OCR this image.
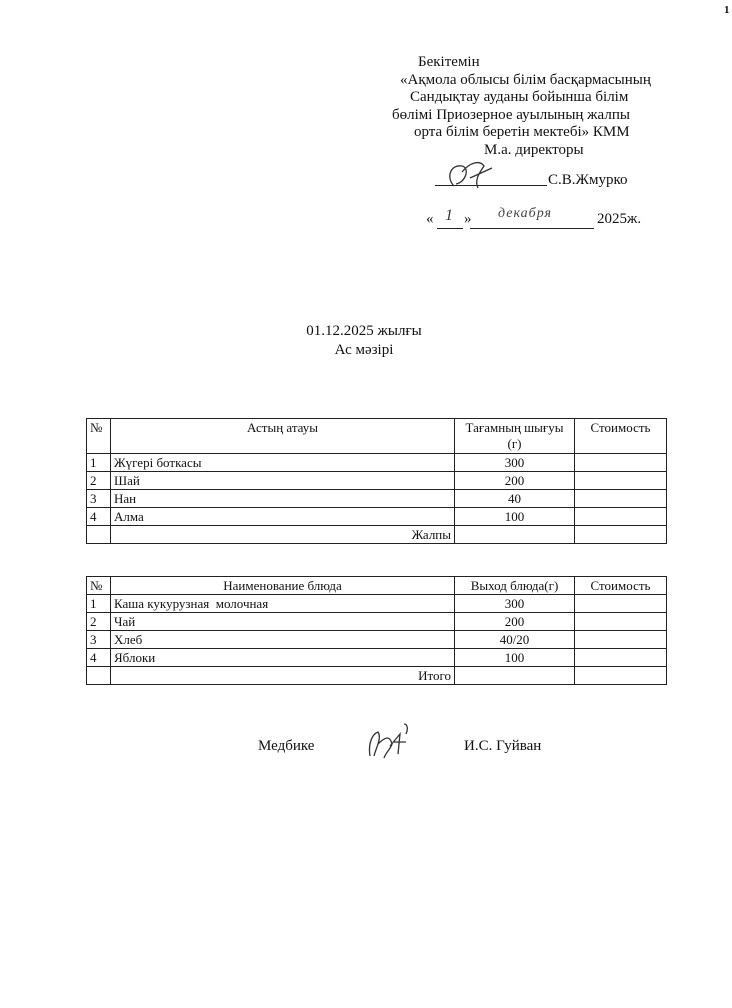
1
Бекітемін
«Ақмола облысы білім басқармасының
Сандықтау ауданы бойынша білім
бөлімі Приозерное ауылының жалпы
орта білім беретін мектебі» КММ
М.а. директоры
С.В.Жмурко
« 1 » декабря	2025ж.
01.12.2025 жылғы
Ас мәзірі
№	Астың атауы	Тағамның шығуы (г)	Стоимость
1	Жүгері боткасы	300	
2	Шай	200	
3	Нан	40	
4	Алма	100	
	Жалпы		
№	Наименование блюда	Выход блюда(г)	Стоимость
1	Каша кукурузная  молочная	300	
2	Чай	200	
3	Хлеб	40/20	
4	Яблоки	100	
	Итого		
Медбике	И.С. Гуйван
